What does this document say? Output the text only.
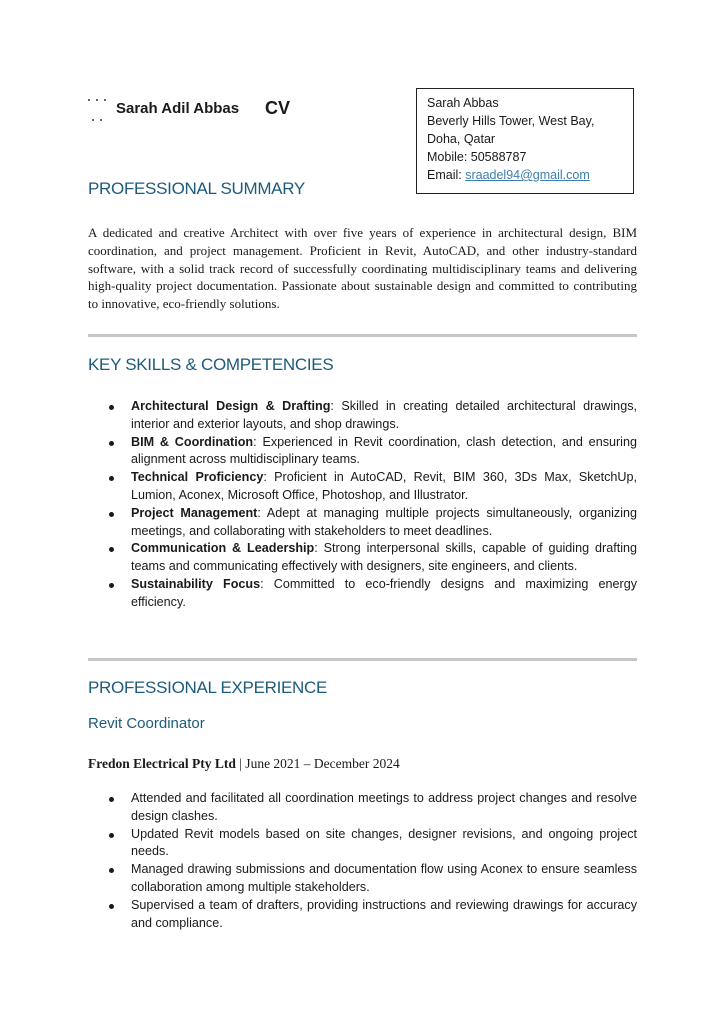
Sarah Adil Abbas CV	Sarah Abbas
Beverly Hills Tower, West Bay,
Doha, Qatar
Mobile: 50588787
Email: sraadel94@gmail.com
PROFESSIONAL SUMMARY
A dedicated and creative Architect with over five years of experience in architectural design, BIM coordination, and project management. Proficient in Revit, AutoCAD, and other industry-standard software, with a solid track record of successfully coordinating multidisciplinary teams and delivering high-quality project documentation. Passionate about sustainable design and committed to contributing to innovative, eco-friendly solutions.
KEY SKILLS & COMPETENCIES
Architectural Design & Drafting: Skilled in creating detailed architectural drawings, interior and exterior layouts, and shop drawings.
BIM & Coordination: Experienced in Revit coordination, clash detection, and ensuring alignment across multidisciplinary teams.
Technical Proficiency: Proficient in AutoCAD, Revit, BIM 360, 3Ds Max, SketchUp, Lumion, Aconex, Microsoft Office, Photoshop, and Illustrator.
Project Management: Adept at managing multiple projects simultaneously, organizing meetings, and collaborating with stakeholders to meet deadlines.
Communication & Leadership: Strong interpersonal skills, capable of guiding drafting teams and communicating effectively with designers, site engineers, and clients.
Sustainability Focus: Committed to eco-friendly designs and maximizing energy efficiency.
PROFESSIONAL EXPERIENCE
Revit Coordinator
Fredon Electrical Pty Ltd | June 2021 – December 2024
Attended and facilitated all coordination meetings to address project changes and resolve design clashes.
Updated Revit models based on site changes, designer revisions, and ongoing project needs.
Managed drawing submissions and documentation flow using Aconex to ensure seamless collaboration among multiple stakeholders.
Supervised a team of drafters, providing instructions and reviewing drawings for accuracy and compliance.
